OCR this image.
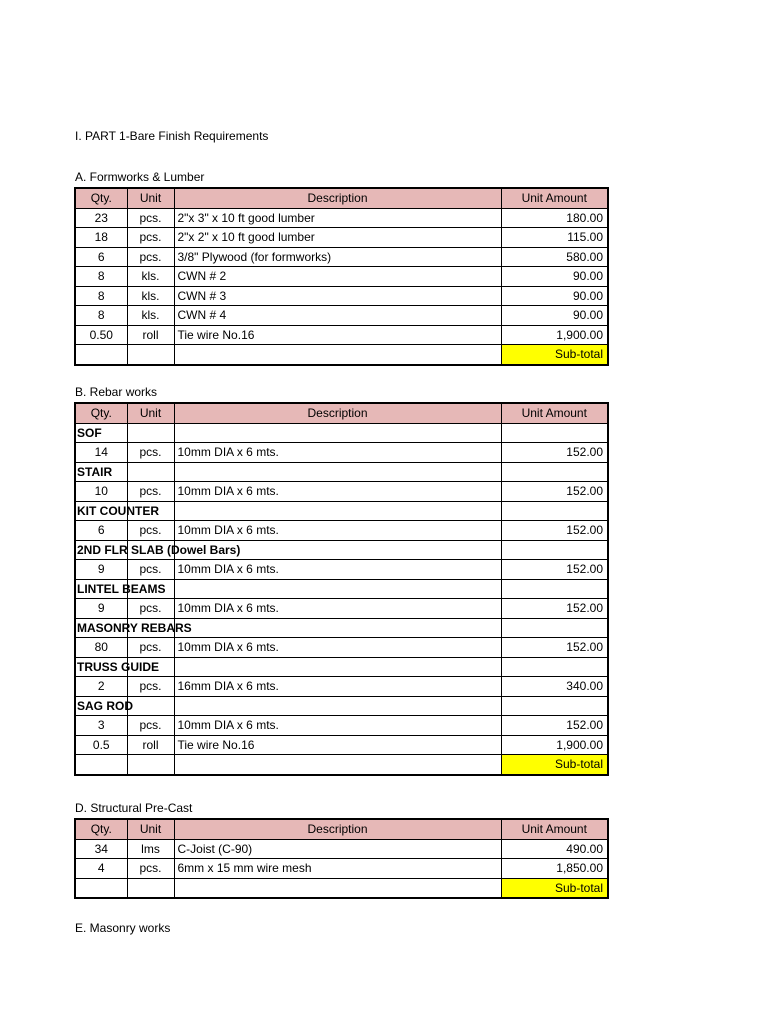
I. PART 1-Bare Finish Requirements
A. Formworks & Lumber
Qty.	Unit	Description	Unit Amount
23	pcs.	2"x 3" x 10 ft good lumber	180.00
18	pcs.	2"x 2" x 10 ft good lumber	115.00
6	pcs.	3/8" Plywood (for formworks)	580.00
8	kls.	CWN # 2	90.00
8	kls.	CWN # 3	90.00
8	kls.	CWN # 4	90.00
0.50	roll	Tie wire No.16	1,900.00
			Sub-total
B. Rebar works
Qty.	Unit	Description	Unit Amount

SOF			

14	pcs.	10mm DIA x 6 mts.	152.00

STAIR			

10	pcs.	10mm DIA x 6 mts.	152.00

KIT COUNTER			

6	pcs.	10mm DIA x 6 mts.	152.00

2ND FLR SLAB (Dowel Bars)			

9	pcs.	10mm DIA x 6 mts.	152.00

LINTEL BEAMS			

9	pcs.	10mm DIA x 6 mts.	152.00

MASONRY REBARS			

80	pcs.	10mm DIA x 6 mts.	152.00

TRUSS GUIDE			

2	pcs.	16mm DIA x 6 mts.	340.00

SAG ROD			

3	pcs.	10mm DIA x 6 mts.	152.00
0.5	roll	Tie wire No.16	1,900.00
			Sub-total
D. Structural Pre-Cast
Qty.	Unit	Description	Unit Amount
34	lms	C-Joist (C-90)	490.00
4	pcs.	6mm x 15 mm wire mesh	1,850.00
			Sub-total
E. Masonry works
